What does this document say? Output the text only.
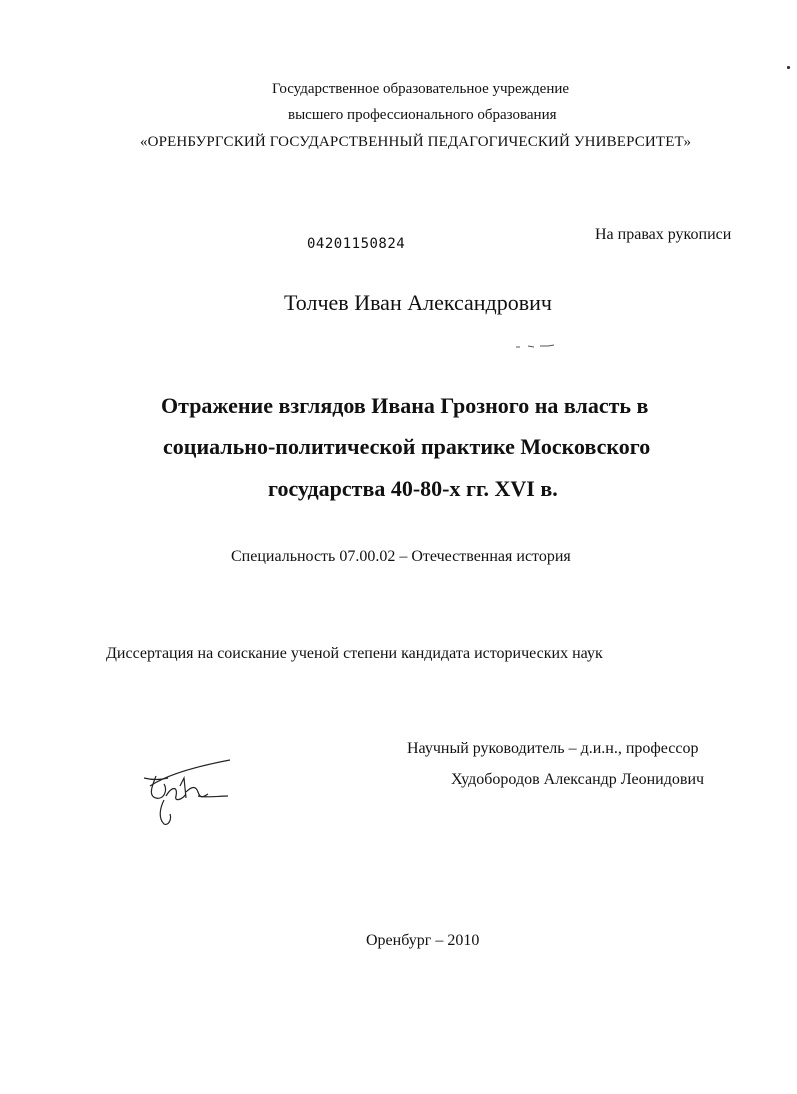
Государственное образовательное учреждение
высшего профессионального образования
«ОРЕНБУРГСКИЙ ГОСУДАРСТВЕННЫЙ ПЕДАГОГИЧЕСКИЙ УНИВЕРСИТЕТ»
04201150824
На правах рукописи
Толчев Иван Александрович
Отражение взглядов Ивана Грозного на власть в
социально-политической практике Московского
государства 40-80-х гг. XVI в.
Специальность 07.00.02 – Отечественная история
Диссертация на соискание ученой степени кандидата исторических наук
Научный руководитель – д.и.н., профессор
Худобородов Александр Леонидович
Оренбург – 2010
